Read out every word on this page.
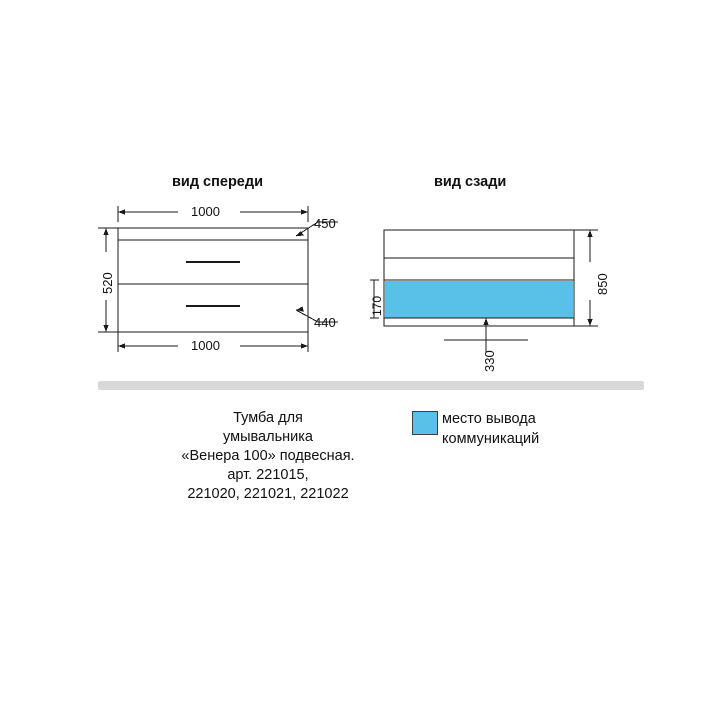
вид спереди	вид сзади
1000
1000
520
450
440
850
170
330
Тумба для
умывальника
«Венера 100» подвесная.
арт. 221015,
221020, 221021, 221022
место вывода
коммуникаций
